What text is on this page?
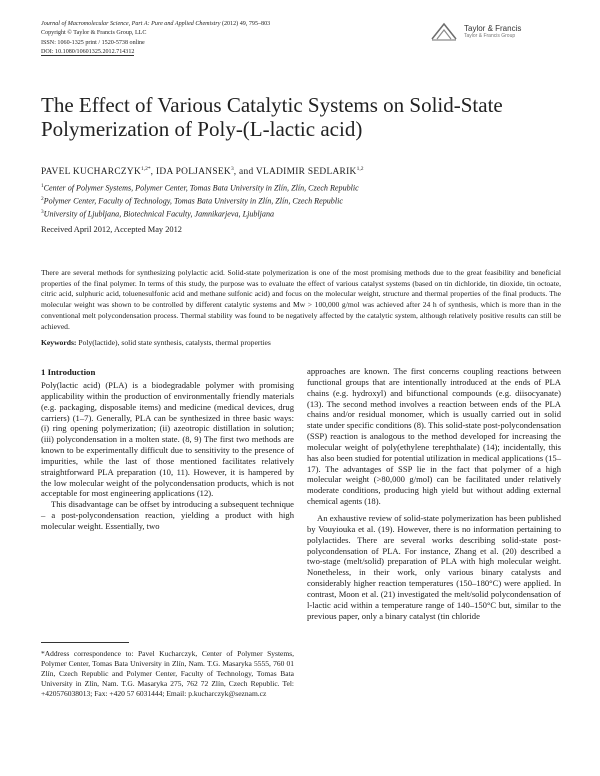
Journal of Macromolecular Science, Part A: Pure and Applied Chemistry (2012) 49, 795–803
Copyright © Taylor & Francis Group, LLC
ISSN: 1060-1325 print / 1520-5738 online
DOI: 10.1080/10601325.2012.714312
Taylor & Francis
Taylor & Francis Group
The Effect of Various Catalytic Systems on Solid-State
Polymerization of Poly-(L-lactic acid)
PAVEL $KUCHARCZYK^{1,2*}$, IDA POLJANSEK$^3$, and VLADIMIR SEDLARIK$^{1,2}$
$^1$Center of Polymer Systems, Polymer Center, Tomas Bata University in Zlín, Zlín, Czech Republic
$^2$Polymer Center, Faculty of Technology, Tomas Bata University in Zlín, Zlín, Czech Republic
$^3$University of Ljubljana, Biotechnical Faculty, Jamnikarjeva, Ljubljana
Received April 2012, Accepted May 2012
There are several methods for synthesizing polylactic acid. Solid-state polymerization is one of the most promising methods due to the great feasibility and beneficial properties of the final polymer. In terms of this study, the purpose was to evaluate the effect of various catalyst systems (based on tin dichloride, tin dioxide, tin octoate, citric acid, sulphuric acid, toluenesulfonic acid and methane sulfonic acid) and focus on the molecular weight, structure and thermal properties of the final products. The molecular weight was shown to be controlled by different catalytic systems and Mw > 100,000 g/mol was achieved after 24 h of synthesis, which is more than in the conventional melt polycondensation process. Thermal stability was found to be negatively affected by the catalytic system, although relatively positive results can still be achieved.
Keywords: Poly(lactide), solid state synthesis, catalysts, thermal properties
1 Introduction

Poly(lactic acid) (PLA) is a biodegradable polymer with promising applicability within the production of environmentally friendly materials (e.g. packaging, disposable items) and medicine (medical devices, drug carriers) (1–7). Generally, PLA can be synthesized in three basic ways: (i) ring opening polymerization; (ii) azeotropic distillation in solution; (iii) polycondensation in a molten state. (8, 9) The first two methods are known to be experimentally difficult due to sensitivity to the presence of impurities, while the last of those mentioned facilitates relatively straightforward PLA preparation (10, 11). However, it is hampered by the low molecular weight of the polycondensation products, which is not acceptable for most engineering applications (12).

This disadvantage can be offset by introducing a subsequent technique – a post-polycondensation reaction, yielding a product with high molecular weight. Essentially, two

approaches are known. The first concerns coupling reactions between functional groups that are intentionally introduced at the ends of PLA chains (e.g. hydroxyl) and bifunctional compounds (e.g. diisocyanate) (13). The second method involves a reaction between ends of the PLA chains and/or residual monomer, which is usually carried out in solid state under specific conditions (8). This solid-state post-polycondensation (SSP) reaction is analogous to the method developed for increasing the molecular weight of poly(ethylene terephthalate) (14); incidentally, this has also been studied for potential utilization in medical applications (15–17). The advantages of SSP lie in the fact that polymer of a high molecular weight (>80,000 g/mol) can be facilitated under relatively moderate conditions, producing high yield but without adding external chemical agents (18).

An exhaustive review of solid-state polymerization has been published by Vouyiouka et al. (19). However, there is no information pertaining to polylactides. There are several works describing solid-state post-polycondensation of PLA. For instance, Zhang et al. (20) described a two-stage (melt/solid) preparation of PLA with high molecular weight. Nonetheless, in their work, only various binary catalysts and considerably higher reaction temperatures (150–180°C) were applied. In contrast, Moon et al. (21) investigated the melt/solid polycondensation of l-lactic acid within a temperature range of 140–150°C but, similar to the previous paper, only a binary catalyst (tin chloride

*Address correspondence to: Pavel Kucharczyk, Center of Polymer Systems, Polymer Center, Tomas Bata University in Zlín, Nam. T.G. Masaryka 5555, 760 01 Zlín, Czech Republic and Polymer Center, Faculty of Technology, Tomas Bata University in Zlín, Nam. T.G. Masaryka 275, 762 72 Zlín, Czech Republic. Tel: +420576038013; Fax: +420 57 6031444; Email: p.kucharczyk@seznam.cz
